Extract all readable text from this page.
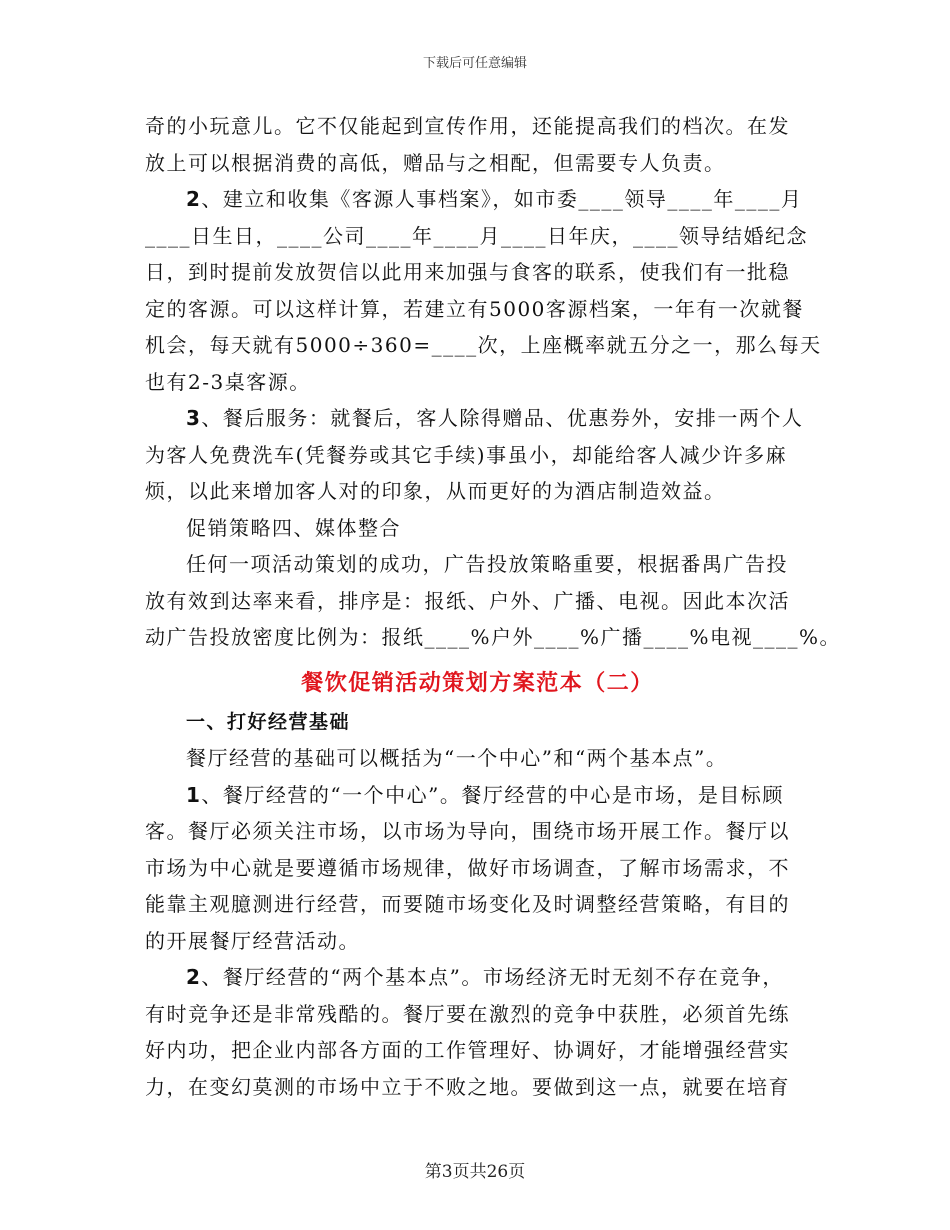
下载后可任意编辑

奇的小玩意儿。它不仅能起到宣传作用，还能提高我们的档次。在发

放上可以根据消费的高低，赠品与之相配，但需要专人负责。

2、建立和收集《客源人事档案》，如市委____领导____年____月

____日生日，____公司____年____月____日年庆，____领导结婚纪念

日，到时提前发放贺信以此用来加强与食客的联系，使我们有一批稳

定的客源。可以这样计算，若建立有5000客源档案，一年有一次就餐

机会，每天就有5000÷360=____次，上座概率就五分之一，那么每天

也有2-3桌客源。

3、餐后服务：就餐后，客人除得赠品、优惠券外，安排一两个人

为客人免费洗车(凭餐券或其它手续)事虽小，却能给客人减少许多麻

烦，以此来增加客人对的印象，从而更好的为酒店制造效益。

促销策略四、媒体整合

任何一项活动策划的成功，广告投放策略重要，根据番禺广告投

放有效到达率来看，排序是：报纸、户外、广播、电视。因此本次活

动广告投放密度比例为：报纸____%户外____%广播____%电视____%。

餐饮促销活动策划方案范本（二）

一、打好经营基础

餐厅经营的基础可以概括为“一个中心”和“两个基本点”。

1、餐厅经营的“一个中心”。餐厅经营的中心是市场，是目标顾

客。餐厅必须关注市场，以市场为导向，围绕市场开展工作。餐厅以

市场为中心就是要遵循市场规律，做好市场调查，了解市场需求，不

能靠主观臆测进行经营，而要随市场变化及时调整经营策略，有目的

的开展餐厅经营活动。

2、餐厅经营的“两个基本点”。市场经济无时无刻不存在竞争，

有时竞争还是非常残酷的。餐厅要在激烈的竞争中获胜，必须首先练

好内功，把企业内部各方面的工作管理好、协调好，才能增强经营实

力，在变幻莫测的市场中立于不败之地。要做到这一点，就要在培育

第3页共26页
